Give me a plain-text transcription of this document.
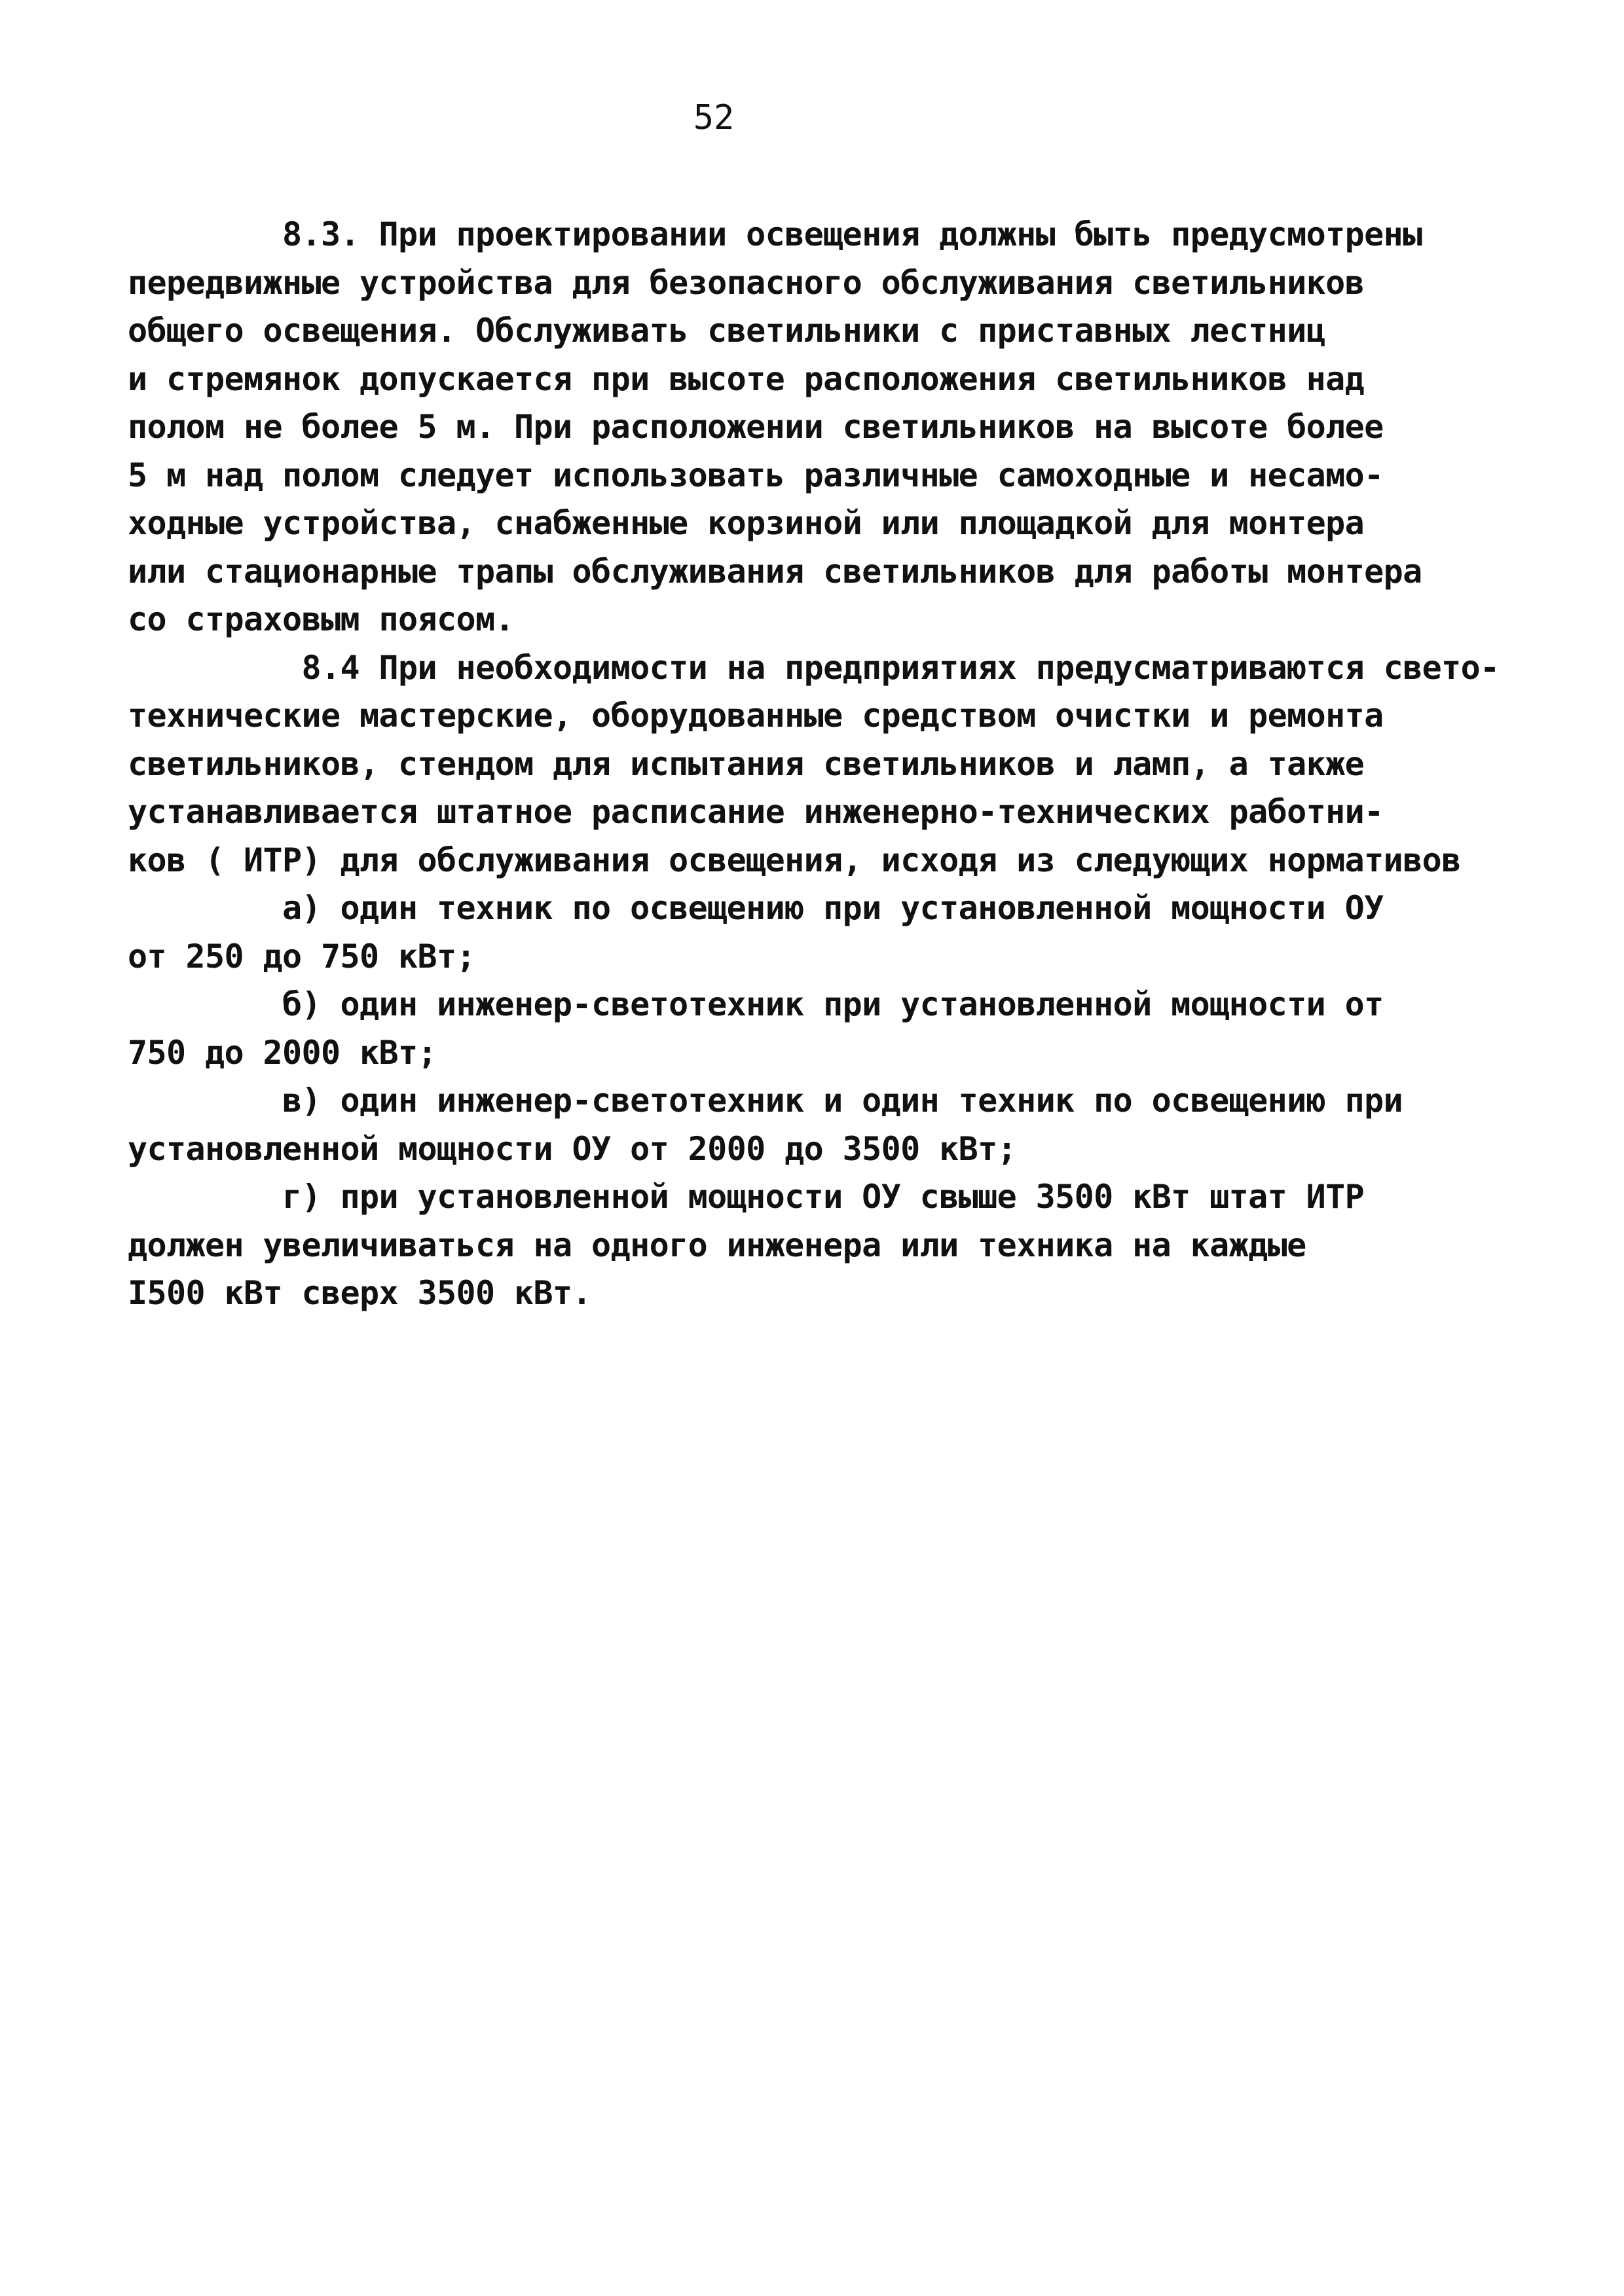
52
8.3. При проектировании освещения должны быть предусмотрены
передвижные устройства для безопасного обслуживания светильников
общего освещения. Обслуживать светильники с приставных лестниц
и стремянок допускается при высоте расположения светильников над
полом не более 5 м. При расположении светильников на высоте более
5 м над полом следует использовать различные самоходные и несамо-
ходные устройства, снабженные корзиной или площадкой для монтера
или стационарные трапы обслуживания светильников для работы монтера
со страховым поясом.
8.4 При необходимости на предприятиях предусматриваются свето-
технические мастерские, оборудованные средством очистки и ремонта
светильников, стендом для испытания светильников и ламп, а также
устанавливается штатное расписание инженерно-технических работни-
ков ( ИТР) для обслуживания освещения, исходя из следующих нормативов
а) один техник по освещению при установленной мощности ОУ
от 250 до 750 кВт;
б) один инженер-светотехник при установленной мощности от
750 до 2000 кВт;
в) один инженер-светотехник и один техник по освещению при
установленной мощности ОУ от 2000 до 3500 кВт;
г) при установленной мощности ОУ свыше 3500 кВт штат ИТР
должен увеличиваться на одного инженера или техника на каждые
I500 кВт сверх 3500 кВт.
